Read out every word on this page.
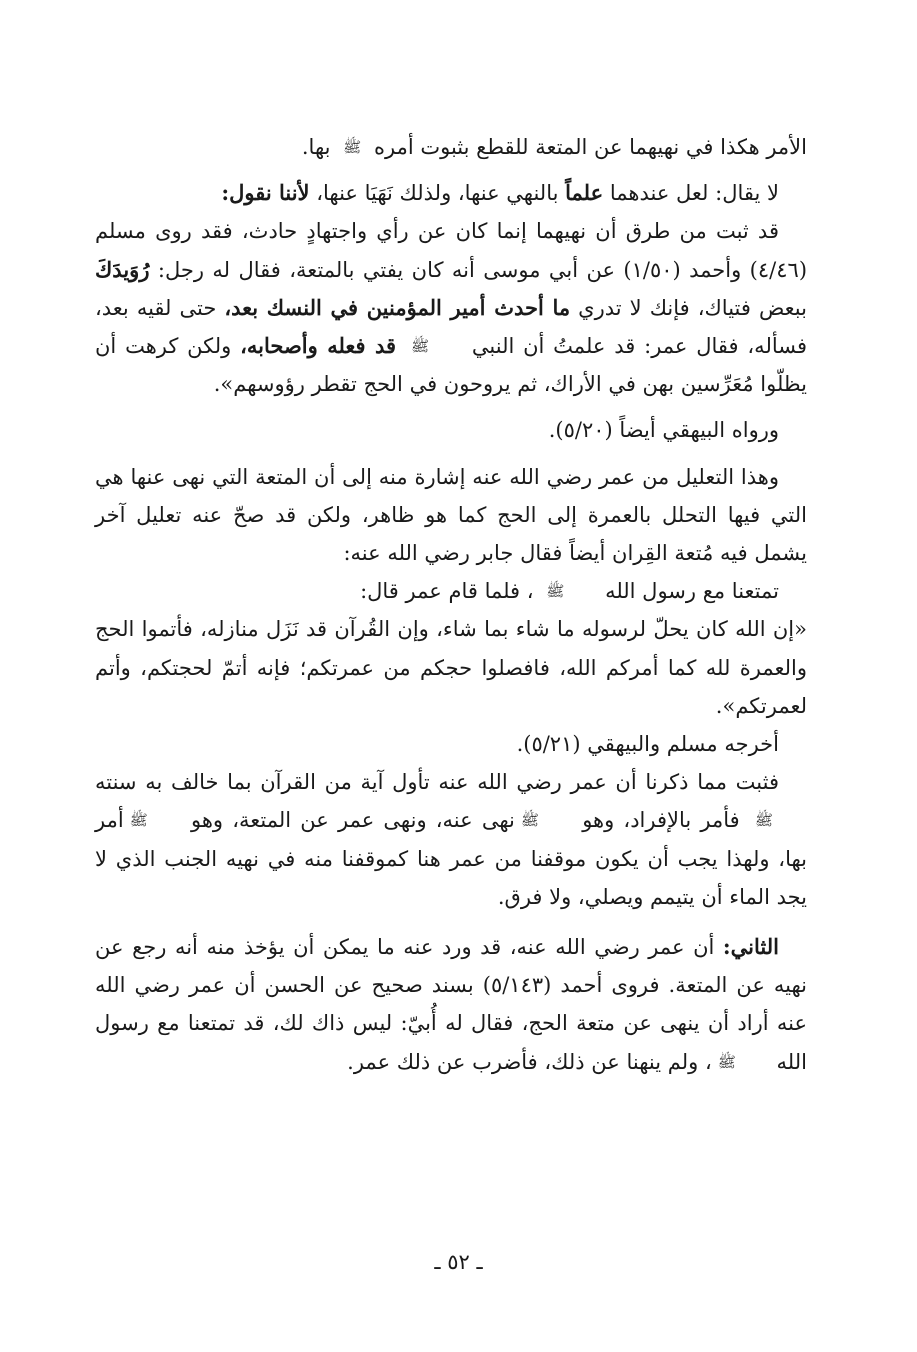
الأمر هكذا في نهيهما عن المتعة للقطع بثبوت أمره ﷺ بها.

لا يقال: لعل عندهما علماً بالنهي عنها، ولذلك نَهَيَا عنها، لأننا نقول:

قد ثبت من طرق أن نهيهما إنما كان عن رأي واجتهادٍ حادث، فقد روى مسلم (٤/٤٦) وأحمد (١/٥٠) عن أبي موسى أنه كان يفتي بالمتعة، فقال له رجل: رُوَيدَكَ ببعض فتياك، فإنك لا تدري ما أحدث أمير المؤمنين في النسك بعد، حتى لقيه بعد، فسأله، فقال عمر: قد علمتُ أن النبي ﷺ قد فعله وأصحابه، ولكن كرهت أن يظلّوا مُعَرِّسين بهن في الأراك، ثم يروحون في الحج تقطر رؤوسهم».

ورواه البيهقي أيضاً (٥/٢٠).

وهذا التعليل من عمر رضي الله عنه إشارة منه إلى أن المتعة التي نهى عنها هي التي فيها التحلل بالعمرة إلى الحج كما هو ظاهر، ولكن قد صحّ عنه تعليل آخر يشمل فيه مُتعة القِران أيضاً فقال جابر رضي الله عنه:

تمتعنا مع رسول الله ﷺ ، فلما قام عمر قال:

«إن الله كان يحلّ لرسوله ما شاء بما شاء، وإن القُرآن قد نَزَل منازله، فأتموا الحج والعمرة لله كما أمركم الله، فافصلوا حجكم من عمرتكم؛ فإنه أتمّ لحجتكم، وأتم لعمرتكم».

أخرجه مسلم والبيهقي (٥/٢١).

فثبت مما ذكرنا أن عمر رضي الله عنه تأول آية من القرآن بما خالف به سنته ﷺ فأمر بالإفراد، وهو ﷺنهى عنه، ونهى عمر عن المتعة، وهو ﷺأمر بها، ولهذا يجب أن يكون موقفنا من عمر هنا كموقفنا منه في نهيه الجنب الذي لا يجد الماء أن يتيمم ويصلي، ولا فرق.

الثاني: أن عمر رضي الله عنه، قد ورد عنه ما يمكن أن يؤخذ منه أنه رجع عن نهيه عن المتعة. فروى أحمد (٥/١٤٣) بسند صحيح عن الحسن أن عمر رضي الله عنه أراد أن ينهى عن متعة الحج، فقال له أُبيّ: ليس ذاك لك، قد تمتعنا مع رسول الله ﷺ، ولم ينهنا عن ذلك، فأضرب عن ذلك عمر.

ـ ٥٢ ـ
